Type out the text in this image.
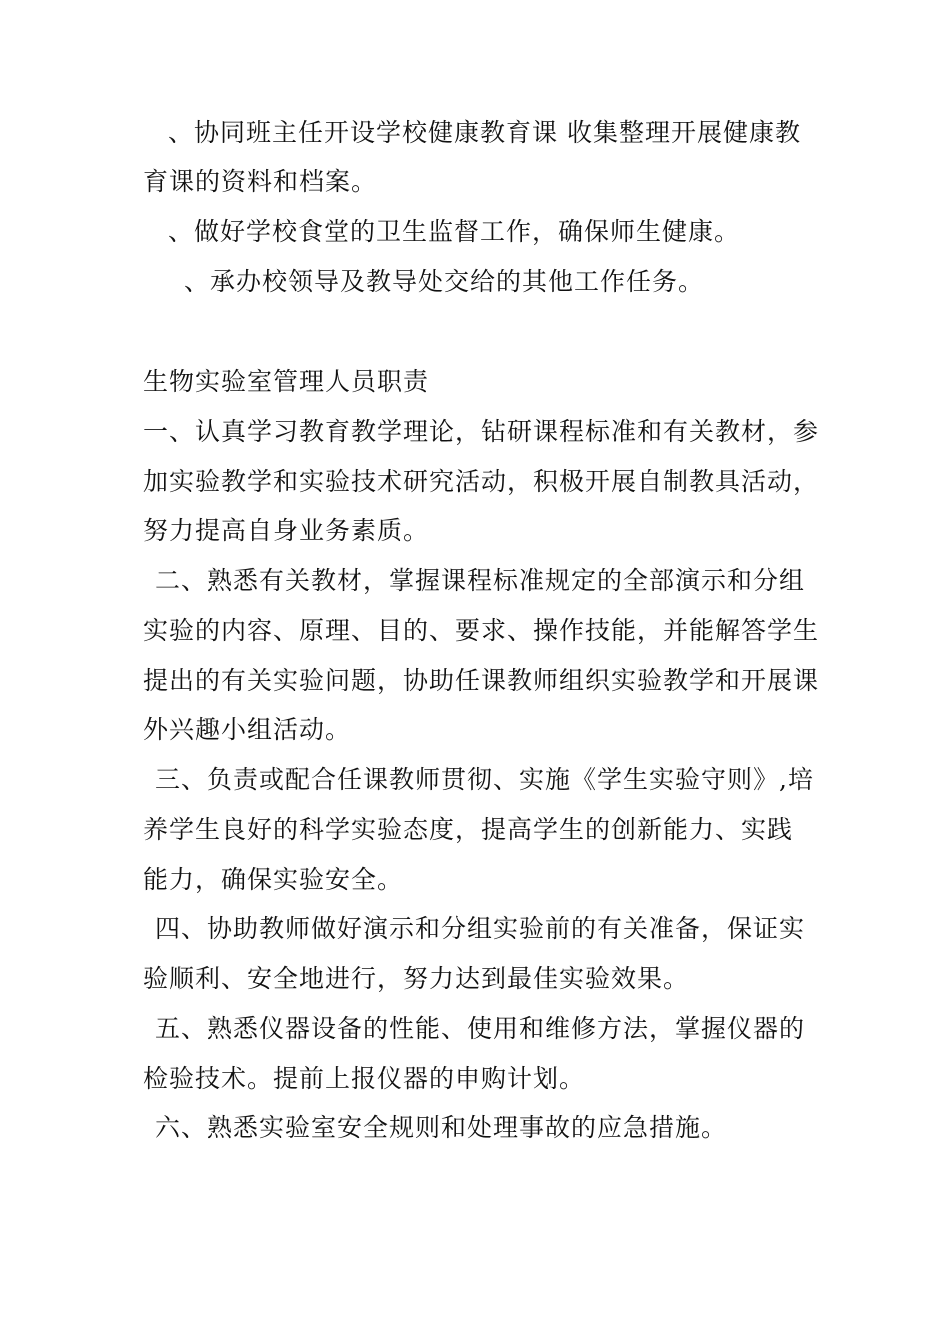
、协同班主任开设学校健康教育课 收集整理开展健康教
育课的资料和档案。
、做好学校食堂的卫生监督工作，确保师生健康。
、承办校领导及教导处交给的其他工作任务。
生物实验室管理人员职责
一、认真学习教育教学理论，钻研课程标准和有关教材，参
加实验教学和实验技术研究活动，积极开展自制教具活动，
努力提高自身业务素质。
二、熟悉有关教材，掌握课程标准规定的全部演示和分组
实验的内容、原理、目的、要求、操作技能，并能解答学生
提出的有关实验问题，协助任课教师组织实验教学和开展课
外兴趣小组活动。
三、负责或配合任课教师贯彻、实施《学生实验守则》,培
养学生良好的科学实验态度，提高学生的创新能力、实践
能力，确保实验安全。
四、协助教师做好演示和分组实验前的有关准备，保证实
验顺利、安全地进行，努力达到最佳实验效果。
五、熟悉仪器设备的性能、使用和维修方法，掌握仪器的
检验技术。提前上报仪器的申购计划。
六、熟悉实验室安全规则和处理事故的应急措施。
